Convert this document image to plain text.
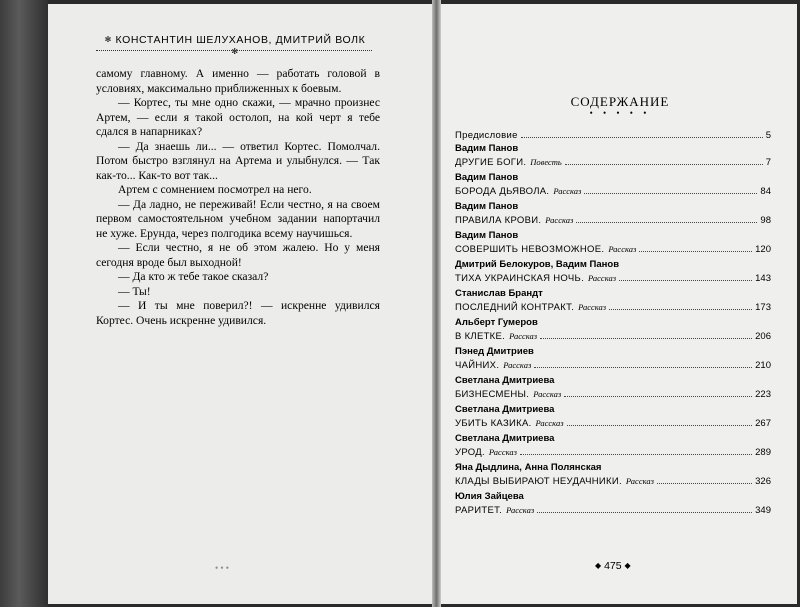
✻ КОНСТАНТИН ШЕЛУХАНОВ, ДМИТРИЙ ВОЛК ✻

самому главному. А именно — работать головой в условиях, максимально приближенных к боевым.

— Кортес, ты мне одно скажи, — мрачно произнес Артем, — если я такой остолоп, на кой черт я тебе сдался в напарниках?

— Да знаешь ли... — ответил Кортес. Помолчал. Потом быстро взглянул на Артема и улыбнулся. — Так как-то... Как-то вот так...

Артем с сомнением посмотрел на него.

— Да ладно, не переживай! Если честно, я на своем первом самостоятельном учебном задании напортачил не хуже. Ерунда, через полгодика всему научишься.

— Если честно, я не об этом жалею. Но у меня сегодня вроде был выходной!

— Да кто ж тебе такое сказал?

— Ты!

— И ты мне поверил?! — искренне удивился Кортес. Очень искренне удивился.

• • •
СОДЕРЖАНИЕ
• • • • •
Предисловие	5
Вадим Панов
ДРУГИЕ БОГИ. Повесть	7
Вадим Панов
БОРОДА ДЬЯВОЛА. Рассказ	84
Вадим Панов
ПРАВИЛА КРОВИ. Рассказ	98
Вадим Панов
СОВЕРШИТЬ НЕВОЗМОЖНОЕ. Рассказ	120
Дмитрий Белокуров, Вадим Панов
ТИХА УКРАИНСКАЯ НОЧЬ. Рассказ	143
Станислав Брандт
ПОСЛЕДНИЙ КОНТРАКТ. Рассказ	173
Альберт Гумеров
В КЛЕТКЕ. Рассказ	206
Пэнед Дмитриев
ЧАЙНИХ. Рассказ	210
Светлана Дмитриева
БИЗНЕСМЕНЫ. Рассказ	223
Светлана Дмитриева
УБИТЬ КАЗИКА. Рассказ	267
Светлана Дмитриева
УРОД. Рассказ	289
Яна Дыдлина, Анна Полянская
КЛАДЫ ВЫБИРАЮТ НЕУДАЧНИКИ. Рассказ	326
Юлия Зайцева
РАРИТЕТ. Рассказ	349
◆ 475 ◆
